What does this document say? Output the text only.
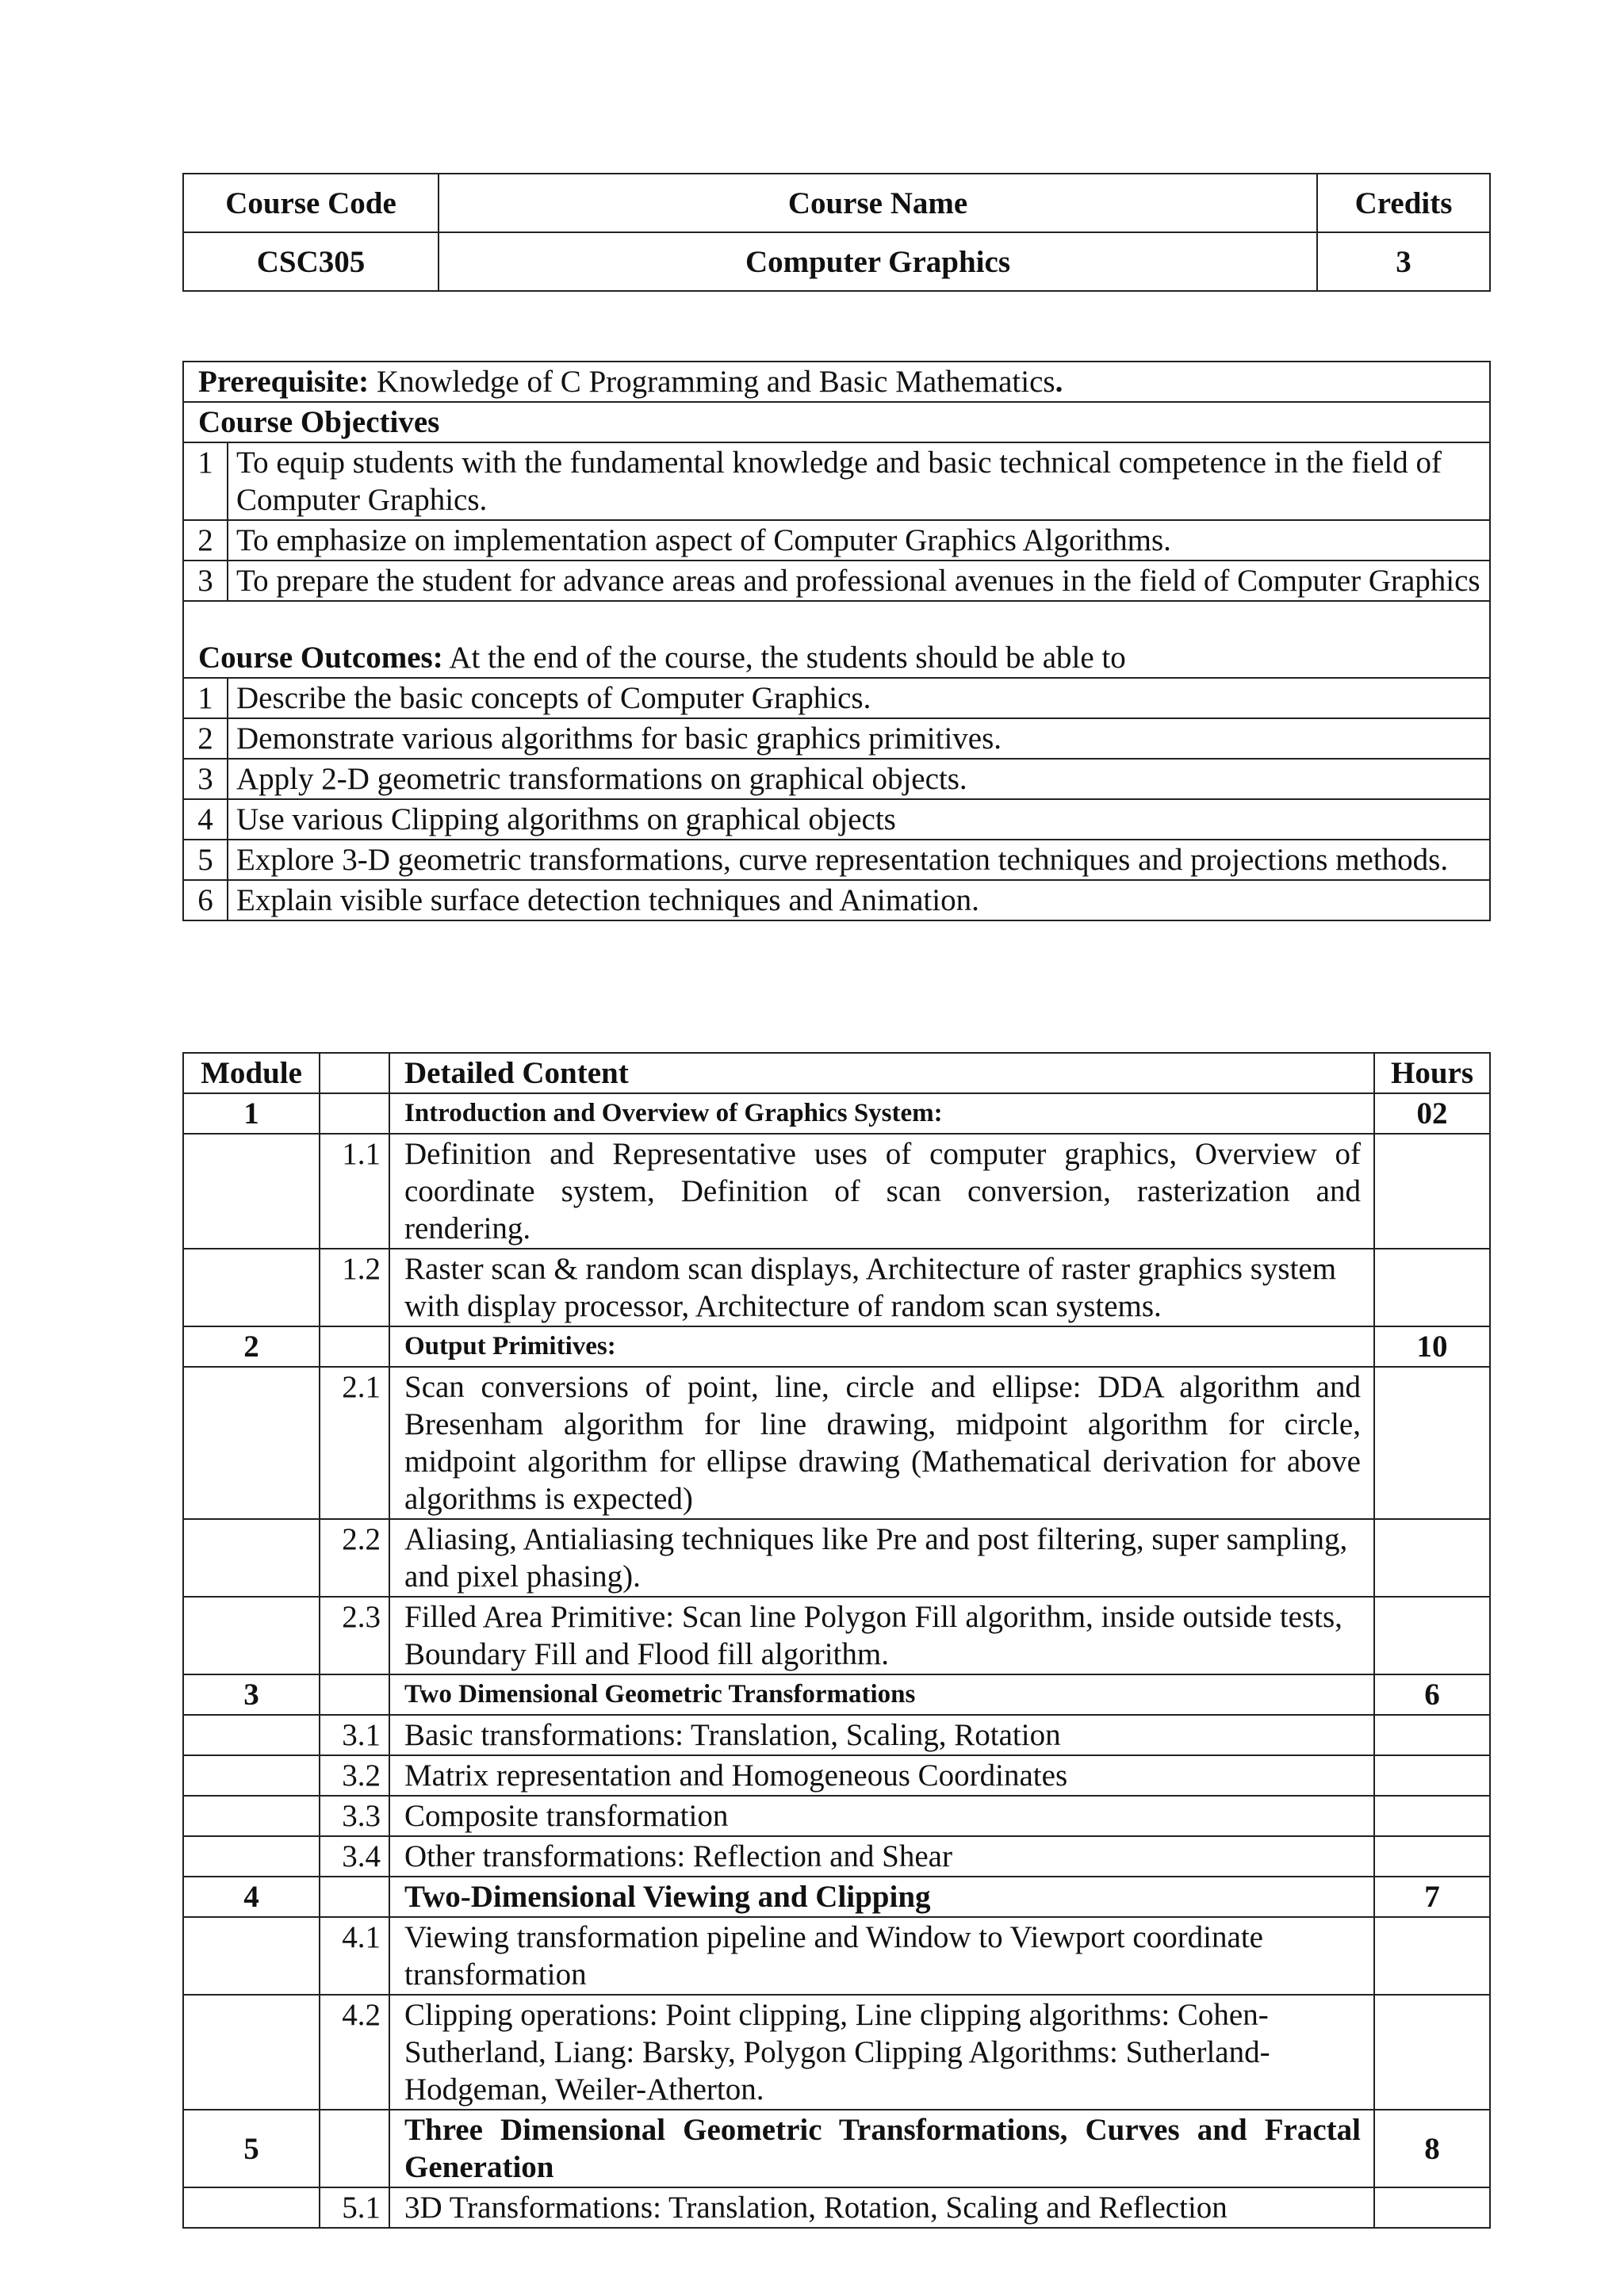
Course Code	Course Name	Credits
CSC305	Computer Graphics	3
Prerequisite: Knowledge of C Programming and Basic Mathematics.	
Course Objectives	
1	To equip students with the fundamental knowledge and basic technical competence in the field of Computer Graphics.
2	To emphasize on implementation aspect of Computer Graphics Algorithms.
3	To prepare the student for advance areas and professional avenues in the field of Computer Graphics
Course Outcomes: At the end of the course, the students should be able to	
1	Describe the basic concepts of Computer Graphics.
2	Demonstrate various algorithms for basic graphics primitives.
3	Apply 2-D geometric transformations on graphical objects.
4	Use various Clipping algorithms on graphical objects
5	Explore 3-D geometric transformations, curve representation techniques and projections methods.
6	Explain visible surface detection techniques and Animation.
Module		Detailed Content	Hours
1		Introduction and Overview of Graphics System:	02
	1.1	Definition and Representative uses of computer graphics, Overview of coordinate system, Definition of scan conversion, rasterization and rendering.	
	1.2	Raster scan & random scan displays, Architecture of raster graphics system with display processor, Architecture of random scan systems.	
2		Output Primitives:	10
	2.1	Scan conversions of point, line, circle and ellipse: DDA algorithm and Bresenham algorithm for line drawing, midpoint algorithm for circle, midpoint algorithm for ellipse drawing (Mathematical derivation for above algorithms is expected)	
	2.2	Aliasing, Antialiasing techniques like Pre and post filtering, super sampling, and pixel phasing).	
	2.3	Filled Area Primitive: Scan line Polygon Fill algorithm, inside outside tests, Boundary Fill and Flood fill algorithm.	
3		Two Dimensional Geometric Transformations	6
	3.1	Basic transformations: Translation, Scaling, Rotation	
	3.2	Matrix representation and Homogeneous Coordinates	
	3.3	Composite transformation	
	3.4	Other transformations: Reflection and Shear	
4		Two-Dimensional Viewing and Clipping	7
	4.1	Viewing transformation pipeline and Window to Viewport coordinate transformation	
	4.2	Clipping operations: Point clipping, Line clipping algorithms: Cohen-Sutherland, Liang: Barsky, Polygon Clipping Algorithms: Sutherland-Hodgeman, Weiler-Atherton.	
5		Three Dimensional Geometric Transformations, Curves and Fractal Generation	8
	5.1	3D Transformations: Translation, Rotation, Scaling and Reflection	
